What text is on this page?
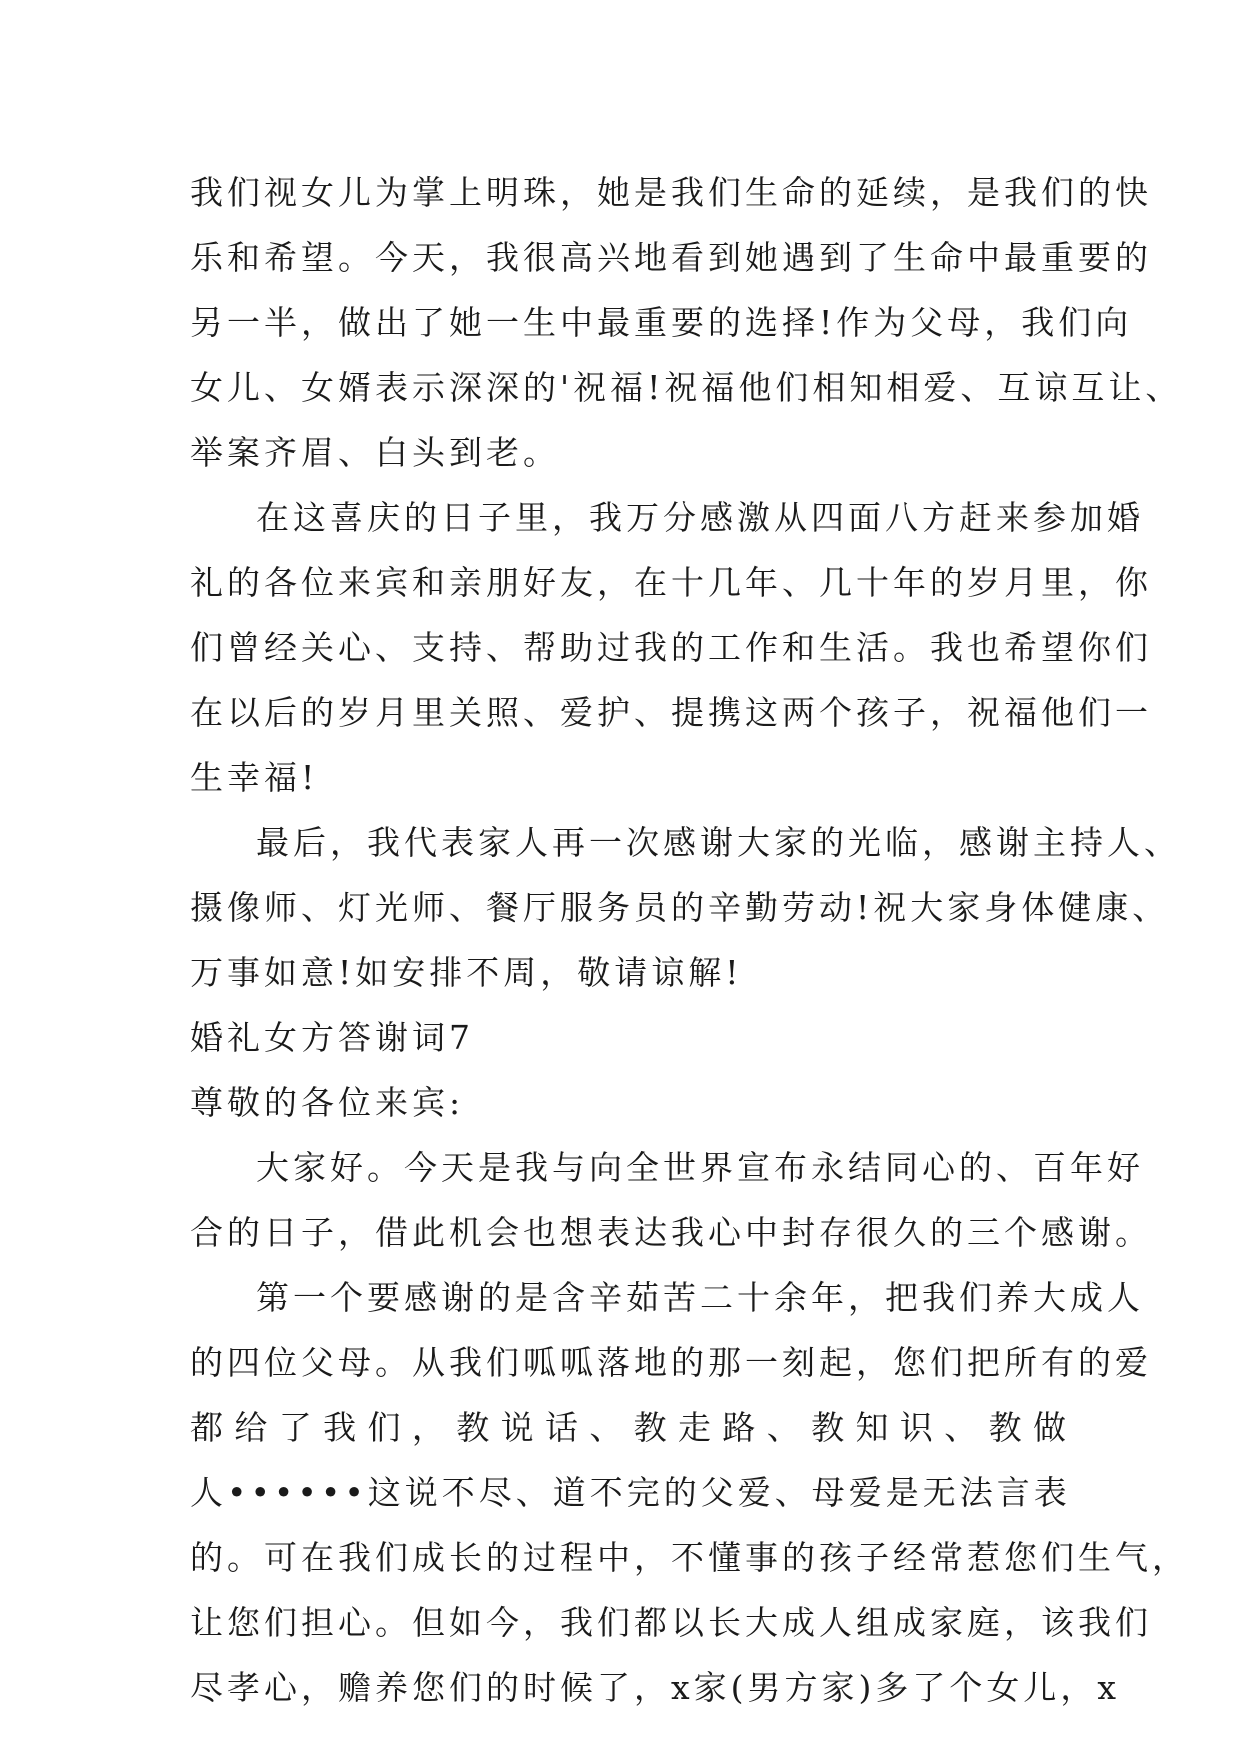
我们视女儿为掌上明珠，她是我们生命的延续，是我们的快
乐和希望。今天，我很高兴地看到她遇到了生命中最重要的
另一半，做出了她一生中最重要的选择!作为父母，我们向
女儿、女婿表示深深的'祝福!祝福他们相知相爱、互谅互让、
举案齐眉、白头到老。
在这喜庆的日子里，我万分感激从四面八方赶来参加婚
礼的各位来宾和亲朋好友，在十几年、几十年的岁月里，你
们曾经关心、支持、帮助过我的工作和生活。我也希望你们
在以后的岁月里关照、爱护、提携这两个孩子，祝福他们一
生幸福!
最后，我代表家人再一次感谢大家的光临，感谢主持人、
摄像师、灯光师、餐厅服务员的辛勤劳动!祝大家身体健康、
万事如意!如安排不周，敬请谅解!
婚礼女方答谢词7
尊敬的各位来宾:
大家好。今天是我与向全世界宣布永结同心的、百年好
合的日子，借此机会也想表达我心中封存很久的三个感谢。
第一个要感谢的是含辛茹苦二十余年，把我们养大成人
的四位父母。从我们呱呱落地的那一刻起，您们把所有的爱
都给了我们，教说话、教走路、教知识、教做
人••••••这说不尽、道不完的父爱、母爱是无法言表
的。可在我们成长的过程中，不懂事的孩子经常惹您们生气，
让您们担心。但如今，我们都以长大成人组成家庭，该我们
尽孝心，赡养您们的时候了，x家(男方家)多了个女儿，x
